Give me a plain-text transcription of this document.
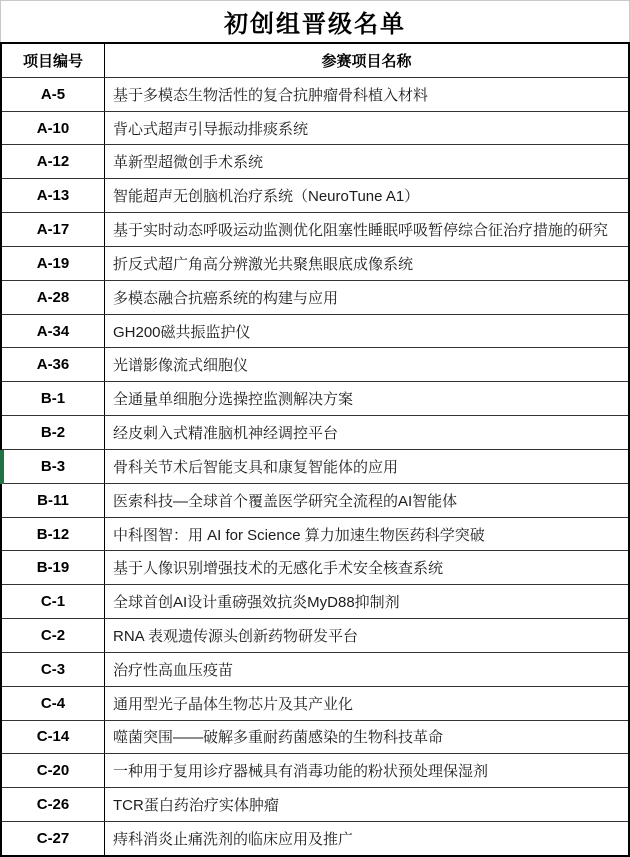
初创组晋级名单
项目编号	参赛项目名称
A-5	基于多模态生物活性的复合抗肿瘤骨科植入材料
A-10	背心式超声引导振动排痰系统
A-12	革新型超微创手术系统
A-13	智能超声无创脑机治疗系统（NeuroTune A1）
A-17	基于实时动态呼吸运动监测优化阻塞性睡眠呼吸暂停综合征治疗措施的研究
A-19	折反式超广角高分辨激光共聚焦眼底成像系统
A-28	多模态融合抗癌系统的构建与应用
A-34	GH200磁共振监护仪
A-36	光谱影像流式细胞仪
B-1	全通量单细胞分选操控监测解决方案
B-2	经皮刺入式精准脑机神经调控平台
B-3	骨科关节术后智能支具和康复智能体的应用
B-11	医索科技—全球首个覆盖医学研究全流程的AI智能体
B-12	中科图智：用 AI for Science 算力加速生物医药科学突破
B-19	基于人像识别增强技术的无感化手术安全核查系统
C-1	全球首创AI设计重磅强效抗炎MyD88抑制剂
C-2	RNA 表观遗传源头创新药物研发平台
C-3	治疗性高血压疫苗
C-4	通用型光子晶体生物芯片及其产业化
C-14	噬菌突围——破解多重耐药菌感染的生物科技革命
C-20	一种用于复用诊疗器械具有消毒功能的粉状预处理保湿剂
C-26	TCR蛋白药治疗实体肿瘤
C-27	痔科消炎止痛洗剂的临床应用及推广
